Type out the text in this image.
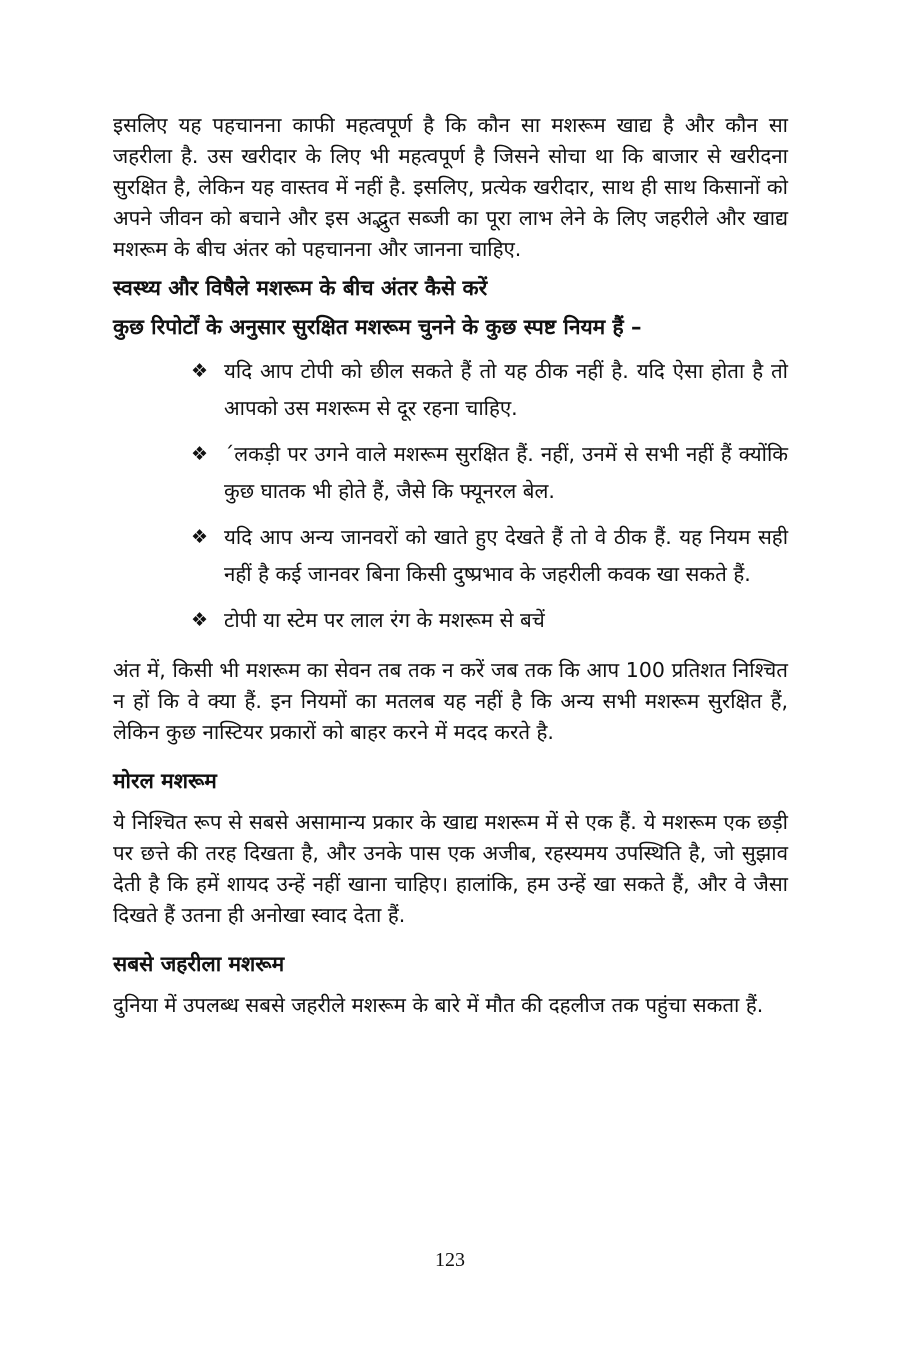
इसलिए यह पहचानना काफी महत्वपूर्ण है कि कौन सा मशरूम खाद्य है और कौन सा जहरीला है. उस खरीदार के लिए भी महत्वपूर्ण है जिसने सोचा था कि बाजार से खरीदना सुरक्षित है, लेकिन यह वास्तव में नहीं है. इसलिए, प्रत्येक खरीदार, साथ ही साथ किसानों को अपने जीवन को बचाने और इस अद्भुत सब्जी का पूरा लाभ लेने के लिए जहरीले और खाद्य मशरूम के बीच अंतर को पहचानना और जानना चाहिए.

स्वस्थ्य और विषैले मशरूम के बीच अंतर कैसे करें

कुछ रिपोर्टों के अनुसार सुरक्षित मशरूम चुनने के कुछ स्पष्ट नियम हैं –

❖ यदि आप टोपी को छील सकते हैं तो यह ठीक नहीं है. यदि ऐसा होता है तो आपको उस मशरूम से दूर रहना चाहिए.

❖ ´लकड़ी पर उगने वाले मशरूम सुरक्षित हैं. नहीं, उनमें से सभी नहीं हैं क्योंकि कुछ घातक भी होते हैं, जैसे कि फ्यूनरल बेल.

❖ यदि आप अन्य जानवरों को खाते हुए देखते हैं तो वे ठीक हैं. यह नियम सही नहीं है कई जानवर बिना किसी दुष्प्रभाव के जहरीली कवक खा सकते हैं.

❖ टोपी या स्टेम पर लाल रंग के मशरूम से बचें

अंत में, किसी भी मशरूम का सेवन तब तक न करें जब तक कि आप 100 प्रतिशत निश्चित न हों कि वे क्या हैं. इन नियमों का मतलब यह नहीं है कि अन्य सभी मशरूम सुरक्षित हैं, लेकिन कुछ नास्टियर प्रकारों को बाहर करने में मदद करते है.

मोरल मशरूम

ये निश्चित रूप से सबसे असामान्य प्रकार के खाद्य मशरूम में से एक हैं. ये मशरूम एक छड़ी पर छत्ते की तरह दिखता है, और उनके पास एक अजीब, रहस्यमय उपस्थिति है, जो सुझाव देती है कि हमें शायद उन्हें नहीं खाना चाहिए। हालांकि, हम उन्हें खा सकते हैं, और वे जैसा दिखते हैं उतना ही अनोखा स्वाद देता हैं.

सबसे जहरीला मशरूम

दुनिया में उपलब्ध सबसे जहरीले मशरूम के बारे में मौत की दहलीज तक पहुंचा सकता हैं.

123
